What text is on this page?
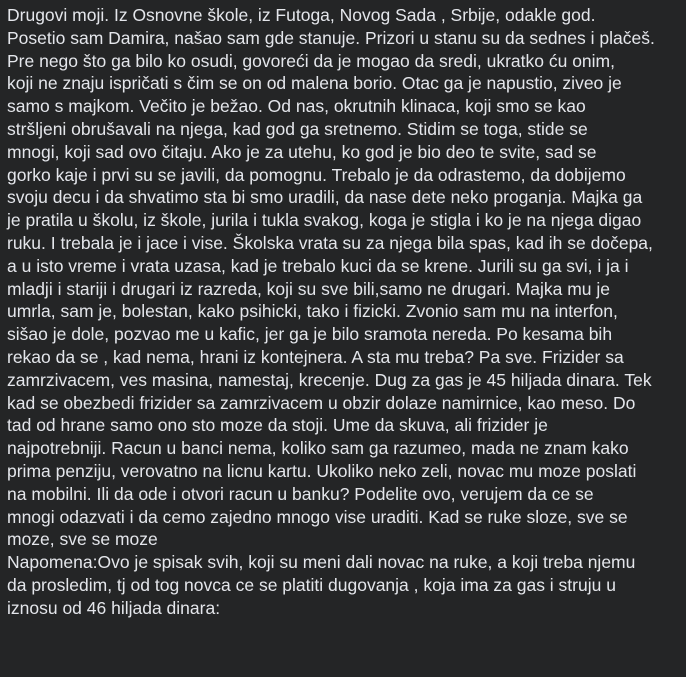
Drugovi moji. Iz Osnovne škole, iz Futoga, Novog Sada , Srbije, odakle god.
Posetio sam Damira, našao sam gde stanuje. Prizori u stanu su da sednes i plačeš.
Pre nego što ga bilo ko osudi, govoreći da je mogao da sredi, ukratko ću onim,
koji ne znaju ispričati s čim se on od malena borio. Otac ga je napustio, ziveo je
samo s majkom. Večito je bežao. Od nas, okrutnih klinaca, koji smo se kao
stršljeni obrušavali na njega, kad god ga sretnemo. Stidim se toga, stide se
mnogi, koji sad ovo čitaju. Ako je za utehu, ko god je bio deo te svite, sad se
gorko kaje i prvi su se javili, da pomognu. Trebalo je da odrastemo, da dobijemo
svoju decu i da shvatimo sta bi smo uradili, da nase dete neko proganja. Majka ga
je pratila u školu, iz škole, jurila i tukla svakog, koga je stigla i ko je na njega digao
ruku. I trebala je i jace i vise. Školska vrata su za njega bila spas, kad ih se dočepa,
a u isto vreme i vrata uzasa, kad je trebalo kuci da se krene. Jurili su ga svi, i ja i
mladji i stariji i drugari iz razreda, koji su sve bili,samo ne drugari. Majka mu je
umrla, sam je, bolestan, kako psihicki, tako i fizicki. Zvonio sam mu na interfon,
sišao je dole, pozvao me u kafic, jer ga je bilo sramota nereda. Po kesama bih
rekao da se , kad nema, hrani iz kontejnera. A sta mu treba? Pa sve. Frizider sa
zamrzivacem, ves masina, namestaj, krecenje. Dug za gas je 45 hiljada dinara. Tek
kad se obezbedi frizider sa zamrzivacem u obzir dolaze namirnice, kao meso. Do
tad od hrane samo ono sto moze da stoji. Ume da skuva, ali frizider je
najpotrebniji. Racun u banci nema, koliko sam ga razumeo, mada ne znam kako
prima penziju, verovatno na licnu kartu. Ukoliko neko zeli, novac mu moze poslati
na mobilni. Ili da ode i otvori racun u banku? Podelite ovo, verujem da ce se
mnogi odazvati i da cemo zajedno mnogo vise uraditi. Kad se ruke sloze, sve se
moze, sve se moze
Napomena:Ovo je spisak svih, koji su meni dali novac na ruke, a koji treba njemu
da prosledim, tj od tog novca ce se platiti dugovanja , koja ima za gas i struju u
iznosu od 46 hiljada dinara:
